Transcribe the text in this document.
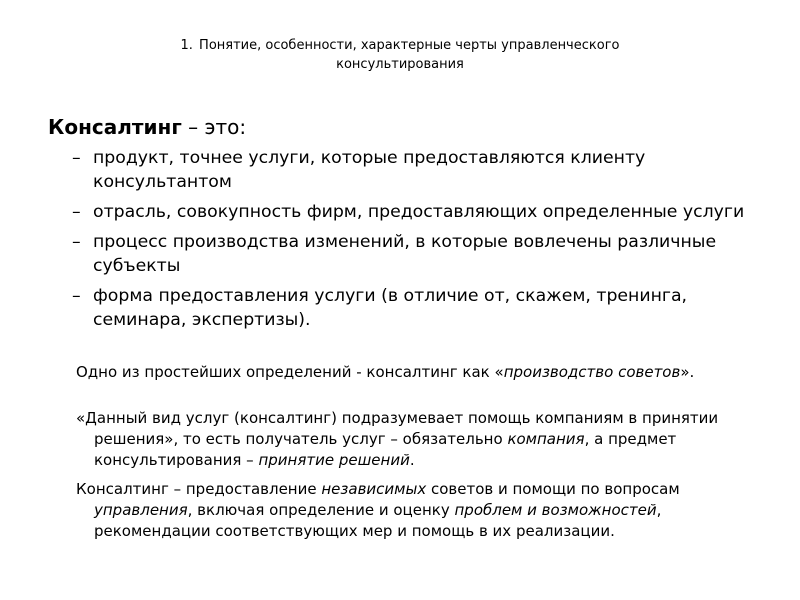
1. Понятие, особенности, характерные черты управленческого
консультирования
Консалтинг – это:
– продукт, точнее услуги, которые предоставляются клиенту консультантом
– отрасль, совокупность фирм, предоставляющих определенные услуги
– процесс производства изменений, в которые вовлечены различные субъекты
– форма предоставления услуги (в отличие от, скажем, тренинга, семинара, экспертизы).

Одно из простейших определений - консалтинг как «производство советов».

«Данный вид услуг (консалтинг) подразумевает помощь компаниям в принятии решения», то есть получатель услуг – обязательно компания, а предмет консультирования – принятие решений.

Консалтинг – предоставление независимых советов и помощи по вопросам управления, включая определение и оценку проблем и возможностей, рекомендации соответствующих мер и помощь в их реализации.
